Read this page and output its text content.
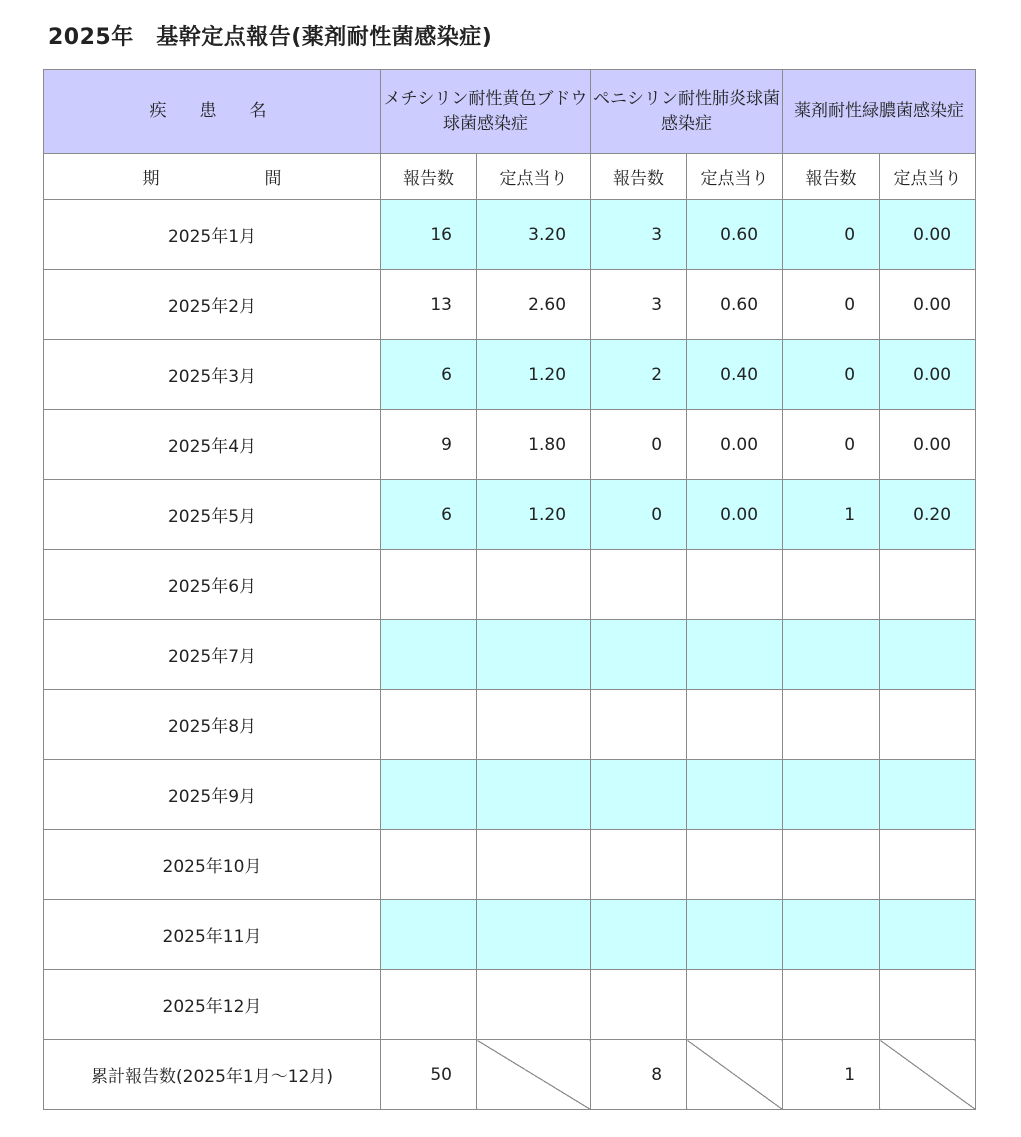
2025年　基幹定点報告(薬剤耐性菌感染症)
疾　患　名	メチシリン耐性黄色ブドウ球菌感染症		ペニシリン耐性肺炎球菌感染症		薬剤耐性緑膿菌感染症	
期　間	報告数	定点当り	報告数	定点当り	報告数	定点当り
2025年1月	16	3.20	3	0.60	0	0.00
2025年2月	13	2.60	3	0.60	0	0.00
2025年3月	6	1.20	2	0.40	0	0.00
2025年4月	9	1.80	0	0.00	0	0.00
2025年5月	6	1.20	0	0.00	1	0.20
2025年6月						
2025年7月						
2025年8月						
2025年9月						
2025年10月						
2025年11月						
2025年12月						
累計報告数(2025年1月～12月)	50		8		1	
